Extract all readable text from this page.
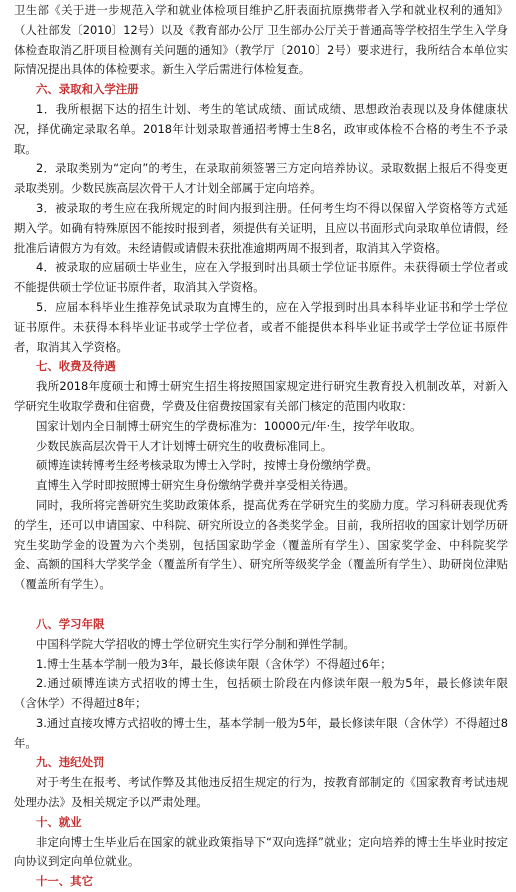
卫生部《关于进一步规范入学和就业体检项目维护乙肝表面抗原携带者入学和就业权利的通知》（人社部发〔2010〕12号）以及《教育部办公厅 卫生部办公厅关于普通高等学校招生学生入学身体检查取消乙肝项目检测有关问题的通知》（教学厅〔2010〕2号）要求进行，我所结合本单位实际情况提出具体的体检要求。新生入学后需进行体检复查。

六、录取和入学注册

1．我所根据下达的招生计划、考生的笔试成绩、面试成绩、思想政治表现以及身体健康状况，择优确定录取名单。2018年计划录取普通招考博士生8名，政审或体检不合格的考生不予录取。

2．录取类别为“定向”的考生，在录取前须签署三方定向培养协议。录取数据上报后不得变更录取类别。少数民族高层次骨干人才计划全部属于定向培养。

3．被录取的考生应在我所规定的时间内报到注册。任何考生均不得以保留入学资格等方式延期入学。如确有特殊原因不能按时报到者，须提供有关证明，且应以书面形式向录取单位请假，经批准后请假方为有效。未经请假或请假未获批准逾期两周不报到者，取消其入学资格。

4．被录取的应届硕士毕业生，应在入学报到时出具硕士学位证书原件。未获得硕士学位者或不能提供硕士学位证书原件者，取消其入学资格。

5．应届本科毕业生推荐免试录取为直博生的，应在入学报到时出具本科毕业证书和学士学位证书原件。未获得本科毕业证书或学士学位者，或者不能提供本科毕业证书或学士学位证书原件者，取消其入学资格。

七、收费及待遇

我所2018年度硕士和博士研究生招生将按照国家规定进行研究生教育投入机制改革，对新入学研究生收取学费和住宿费，学费及住宿费按国家有关部门核定的范围内收取：

国家计划内全日制博士研究生的学费标准为：10000元/年·生，按学年收取。

少数民族高层次骨干人才计划博士研究生的收费标准同上。

硕博连读转博考生经考核录取为博士入学时，按博士身份缴纳学费。

直博生入学时即按照博士研究生身份缴纳学费并享受相关待遇。

同时，我所将完善研究生奖助政策体系，提高优秀在学研究生的奖励力度。学习科研表现优秀的学生，还可以申请国家、中科院、研究所设立的各类奖学金。目前，我所招收的国家计划学历研究生奖助学金的设置为六个类别，包括国家助学金（覆盖所有学生）、国家奖学金、中科院奖学金、高额的国科大学奖学金（覆盖所有学生）、研究所等级奖学金（覆盖所有学生）、助研岗位津贴（覆盖所有学生）。

八、学习年限

中国科学院大学招收的博士学位研究生实行学分制和弹性学制。

1.博士生基本学制一般为3年，最长修读年限（含休学）不得超过6年；

2.通过硕博连读方式招收的博士生，包括硕士阶段在内修读年限一般为5年，最长修读年限（含休学）不得超过8年；

3.通过直接攻博方式招收的博士生，基本学制一般为5年，最长修读年限（含休学）不得超过8年。

九、违纪处罚

对于考生在报考、考试作弊及其他违反招生规定的行为，按教育部制定的《国家教育考试违规处理办法》及相关规定予以严肃处理。

十、就业

非定向博士生毕业后在国家的就业政策指导下“双向选择”就业；定向培养的博士生毕业时按定向协议到定向单位就业。

十一、其它
